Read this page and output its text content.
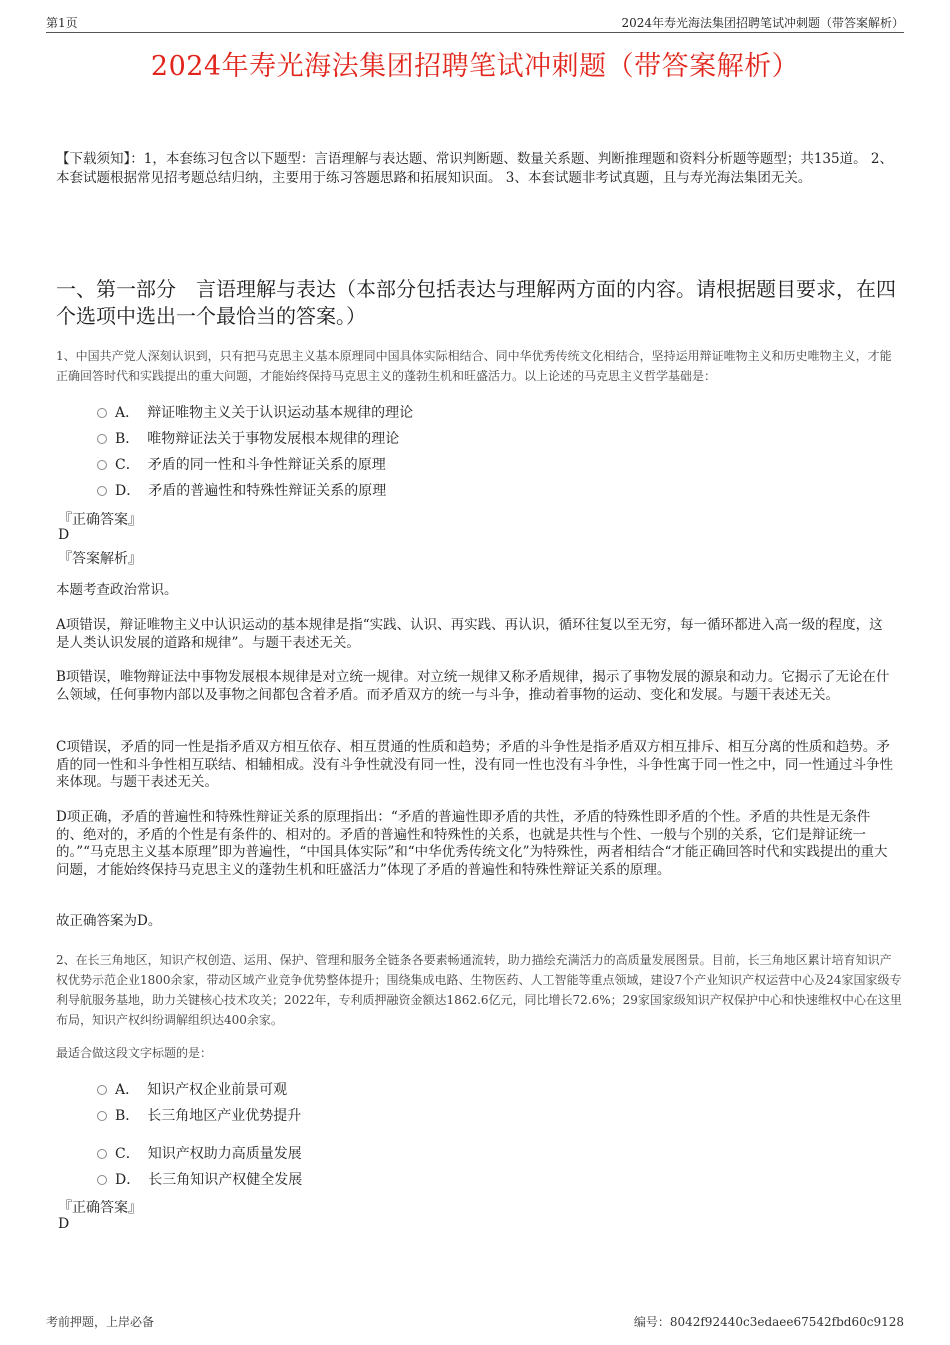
第1页	2024年寿光海法集团招聘笔试冲刺题（带答案解析）
2024年寿光海法集团招聘笔试冲刺题（带答案解析）
【下载须知】：1，本套练习包含以下题型：言语理解与表达题、常识判断题、数量关系题、判断推理题和资料分析题等题型；共135道。 2、本套试题根据常见招考题总结归纳，主要用于练习答题思路和拓展知识面。 3、本套试题非考试真题，且与寿光海法集团无关。
一、第一部分　言语理解与表达（本部分包括表达与理解两方面的内容。请根据题目要求，在四个选项中选出一个最恰当的答案。）
1、中国共产党人深刻认识到，只有把马克思主义基本原理同中国具体实际相结合、同中华优秀传统文化相结合，坚持运用辩证唯物主义和历史唯物主义，才能正确回答时代和实践提出的重大问题，才能始终保持马克思主义的蓬勃生机和旺盛活力。以上论述的马克思主义哲学基础是：
A． 辩证唯物主义关于认识运动基本规律的理论
B． 唯物辩证法关于事物发展根本规律的理论
C． 矛盾的同一性和斗争性辩证关系的原理
D． 矛盾的普遍性和特殊性辩证关系的原理
『正确答案』
D
『答案解析』
本题考查政治常识。
A项错误，辩证唯物主义中认识运动的基本规律是指“实践、认识、再实践、再认识，循环往复以至无穷，每一循环都进入高一级的程度，这是人类认识发展的道路和规律”。与题干表述无关。
B项错误，唯物辩证法中事物发展根本规律是对立统一规律。对立统一规律又称矛盾规律，揭示了事物发展的源泉和动力。它揭示了无论在什么领域，任何事物内部以及事物之间都包含着矛盾。而矛盾双方的统一与斗争，推动着事物的运动、变化和发展。与题干表述无关。
C项错误，矛盾的同一性是指矛盾双方相互依存、相互贯通的性质和趋势；矛盾的斗争性是指矛盾双方相互排斥、相互分离的性质和趋势。矛盾的同一性和斗争性相互联结、相辅相成。没有斗争性就没有同一性，没有同一性也没有斗争性，斗争性寓于同一性之中，同一性通过斗争性来体现。与题干表述无关。
D项正确，矛盾的普遍性和特殊性辩证关系的原理指出：“矛盾的普遍性即矛盾的共性，矛盾的特殊性即矛盾的个性。矛盾的共性是无条件的、绝对的，矛盾的个性是有条件的、相对的。矛盾的普遍性和特殊性的关系，也就是共性与个性、一般与个别的关系，它们是辩证统一的。”“马克思主义基本原理”即为普遍性，“中国具体实际”和“中华优秀传统文化”为特殊性，两者相结合“才能正确回答时代和实践提出的重大问题，才能始终保持马克思主义的蓬勃生机和旺盛活力”体现了矛盾的普遍性和特殊性辩证关系的原理。
故正确答案为D。
2、在长三角地区，知识产权创造、运用、保护、管理和服务全链条各要素畅通流转，助力描绘充满活力的高质量发展图景。目前，长三角地区累计培育知识产权优势示范企业1800余家，带动区域产业竞争优势整体提升；围绕集成电路、生物医药、人工智能等重点领域，建设7个产业知识产权运营中心及24家国家级专利导航服务基地，助力关键核心技术攻关；2022年，专利质押融资金额达1862.6亿元，同比增长72.6%；29家国家级知识产权保护中心和快速维权中心在这里布局，知识产权纠纷调解组织达400余家。
最适合做这段文字标题的是：
A． 知识产权企业前景可观
B． 长三角地区产业优势提升
C． 知识产权助力高质量发展
D． 长三角知识产权健全发展
『正确答案』
D
考前押题，上岸必备	编号：8042f92440c3edaee67542fbd60c9128
